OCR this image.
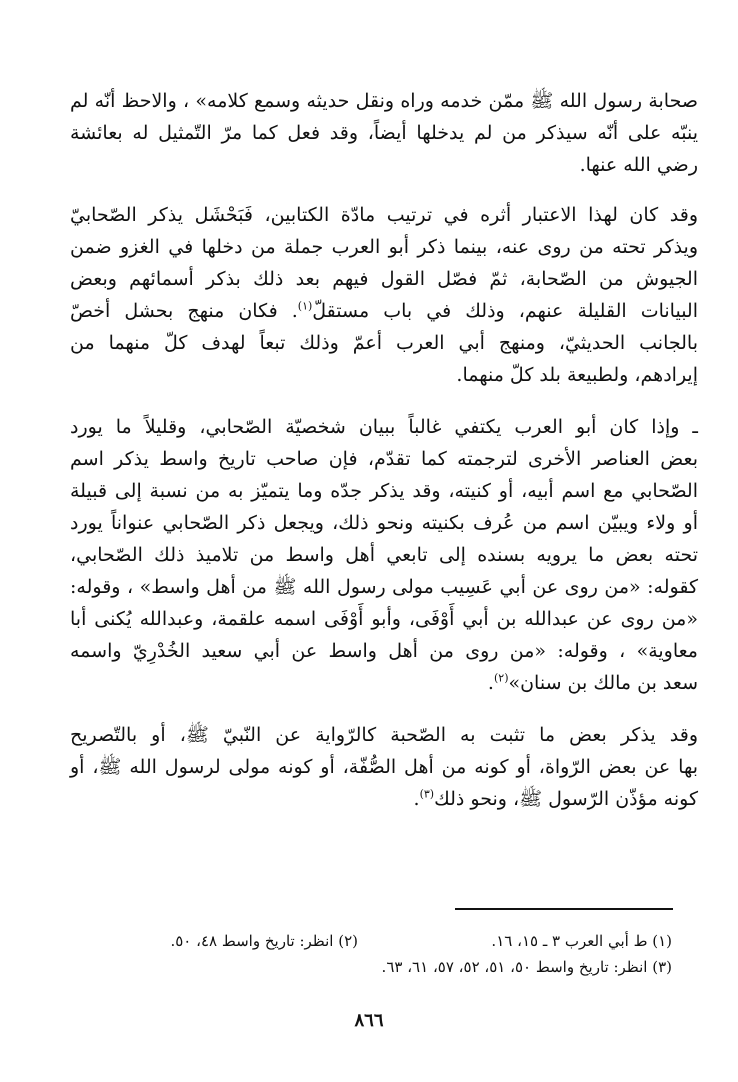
صحابة رسول الله ﷺ ممّن خدمه وراه ونقل حديثه وسمع كلامه» ، والاحظ أنّه لم
ينبّه على أنّه سيذكر من لم يدخلها أيضاً، وقد فعل كما مرّ التّمثيل له بعائشة
رضي الله عنها.
وقد كان لهذا الاعتبار أثره في ترتيب مادّة الكتابين، فَبَحْشَل يذكر الصّحابيّ
ويذكر تحته من روى عنه، بينما ذكر أبو العرب جملة من دخلها في الغزو ضمن
الجيوش من الصّحابة، ثمّ فصّل القول فيهم بعد ذلك بذكر أسمائهم وبعض
البيانات القليلة عنهم، وذلك في باب مستقلّ$^{(١)}$. فكان منهج بحشل أخصّ
بالجانب الحديثيّ، ومنهج أبي العرب أعمّ وذلك تبعاً لهدف كلّ منهما من
إيرادهم، ولطبيعة بلد كلّ منهما.
ـ وإذا كان أبو العرب يكتفي غالباً ببيان شخصيّة الصّحابي، وقليلاً ما يورد
بعض العناصر الأخرى لترجمته كما تقدّم، فإن صاحب تاريخ واسط يذكر اسم
الصّحابي مع اسم أبيه، أو كنيته، وقد يذكر جدّه وما يتميّز به من نسبة إلى قبيلة
أو ولاء ويبيّن اسم من عُرف بكنيته ونحو ذلك، ويجعل ذكر الصّحابي عنواناً يورد
تحته بعض ما يرويه بسنده إلى تابعي أهل واسط من تلاميذ ذلك الصّحابي،
كقوله: «من روى عن أبي عَسِيب مولى رسول الله ﷺ من أهل واسط» ، وقوله:
«من روى عن عبدالله بن أبي أَوْفَى، وأبو أَوْفَى اسمه علقمة، وعبدالله يُكنى أبا
معاوية» ، وقوله: «من روى من أهل واسط عن أبي سعيد الخُدْرِيّ واسمه
سعد بن مالك بن سنان»$^{(٢)}$.
وقد يذكر بعض ما تثبت به الصّحبة كالرّواية عن النّبيّ ﷺ، أو بالتّصريح
بها عن بعض الرّواة، أو كونه من أهل الصُّفّة، أو كونه مولى لرسول الله ﷺ، أو
كونه مؤذّن الرّسول ﷺ، ونحو ذلك$^{(٣)}$.
(١) ط أبي العرب ٣ ـ ١٥، ١٦.
(٢) انظر: تاريخ واسط ٤٨، ٥٠.
(٣) انظر: تاريخ واسط ٥٠، ٥١، ٥٢، ٥٧، ٦١، ٦٣.
٨٦٦
